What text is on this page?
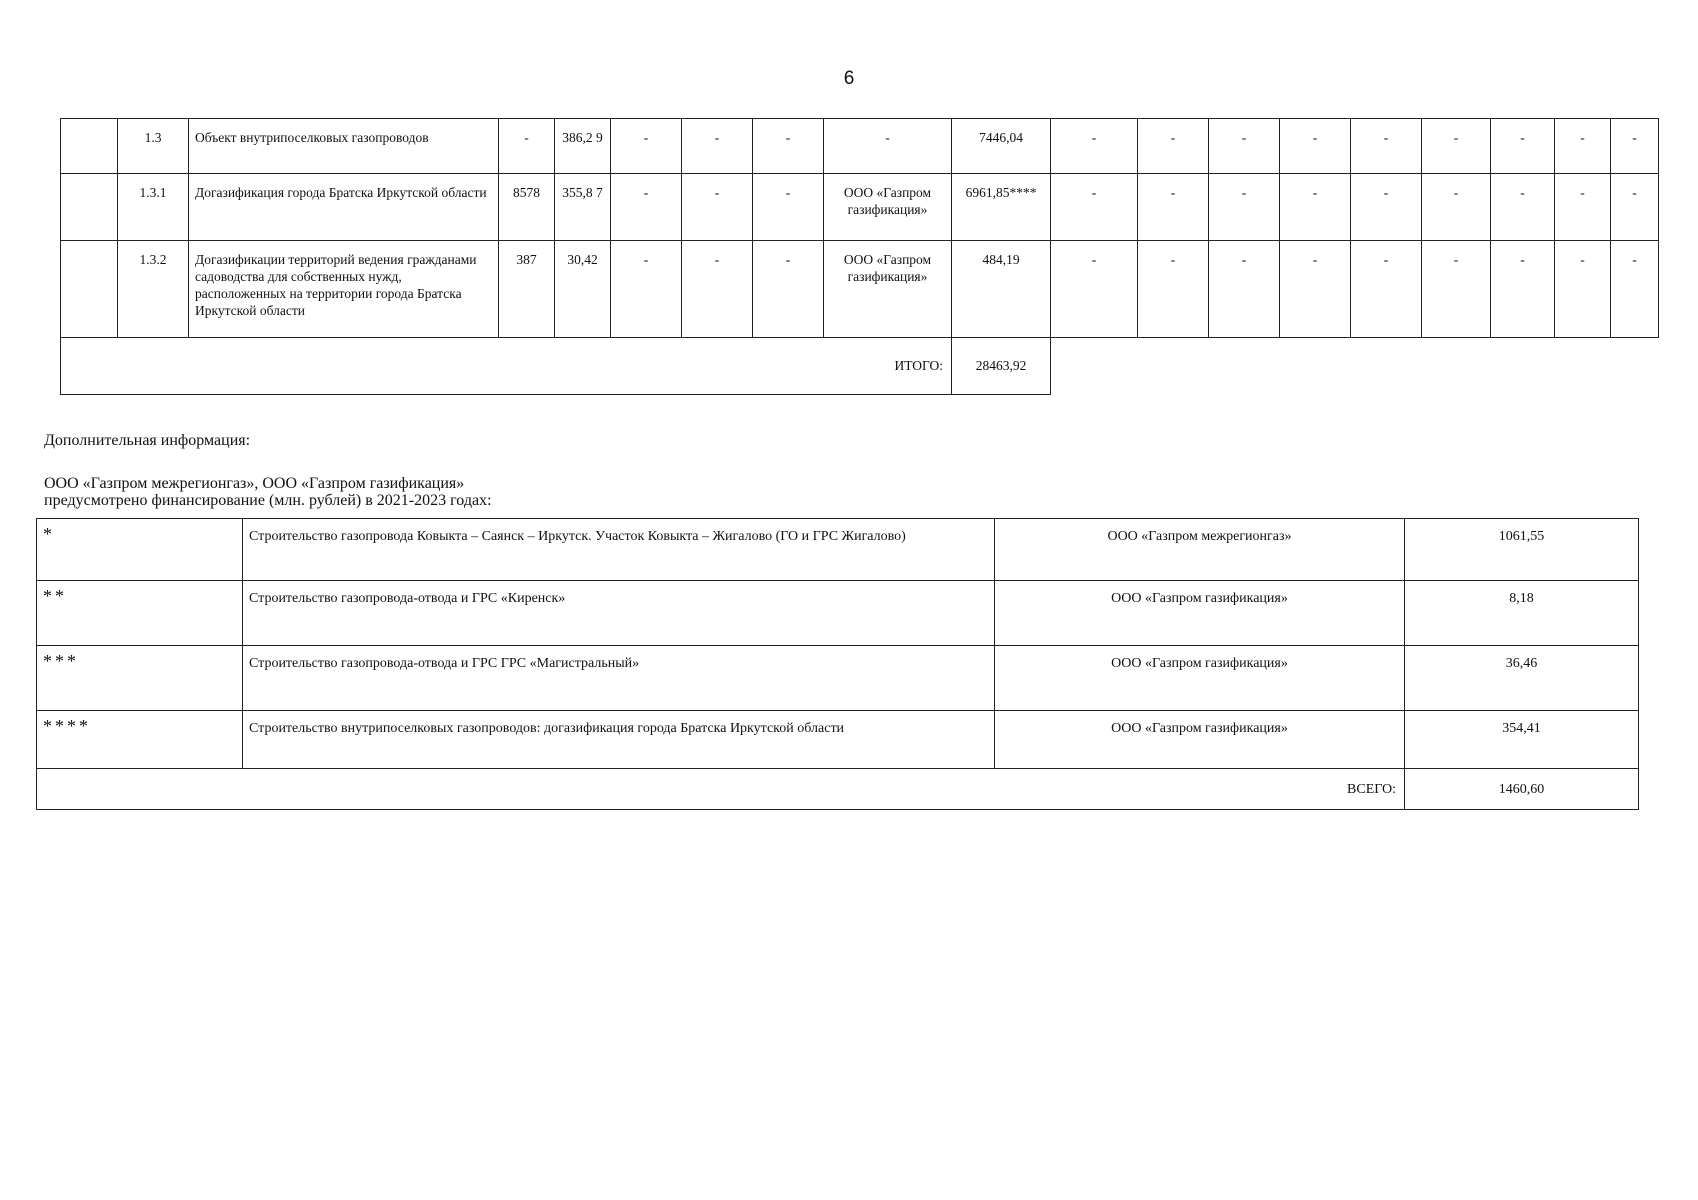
6
	1.3	Объект внутрипоселковых газопроводов	-	386,2 9	-	-	-	-	7446,04	-	-	-	-	-	-	-	-	-
	1.3.1	Догазификация города Братска Иркутской области	8578	355,8 7	-	-	-	ООО «Газпром газификация»	6961,85****	-	-	-	-	-	-	-	-	-
	1.3.2	Догазификации территорий ведения гражданами садоводства для собственных нужд, расположенных на территории города Братска Иркутской области	387	30,42	-	-	-	ООО «Газпром газификация»	484,19	-	-	-	-	-	-	-	-	-
ИТОГО:									28463,92									
Дополнительная информация:
ООО «Газпром межрегионгаз», ООО «Газпром газификация»
предусмотрено финансирование (млн. рублей) в 2021-2023 годах:
*	Строительство газопровода Ковыкта – Саянск – Иркутск. Участок Ковыкта – Жигалово (ГО и ГРС Жигалово)	ООО «Газпром межрегионгаз»	1061,55
**	Строительство газопровода-отвода и ГРС «Киренск»	ООО «Газпром газификация»	8,18
***	Строительство газопровода-отвода и ГРС ГРС «Магистральный»	ООО «Газпром газификация»	36,46
****	Строительство внутрипоселковых газопроводов: догазификация города Братска Иркутской области	ООО «Газпром газификация»	354,41
ВСЕГО:			1460,60
